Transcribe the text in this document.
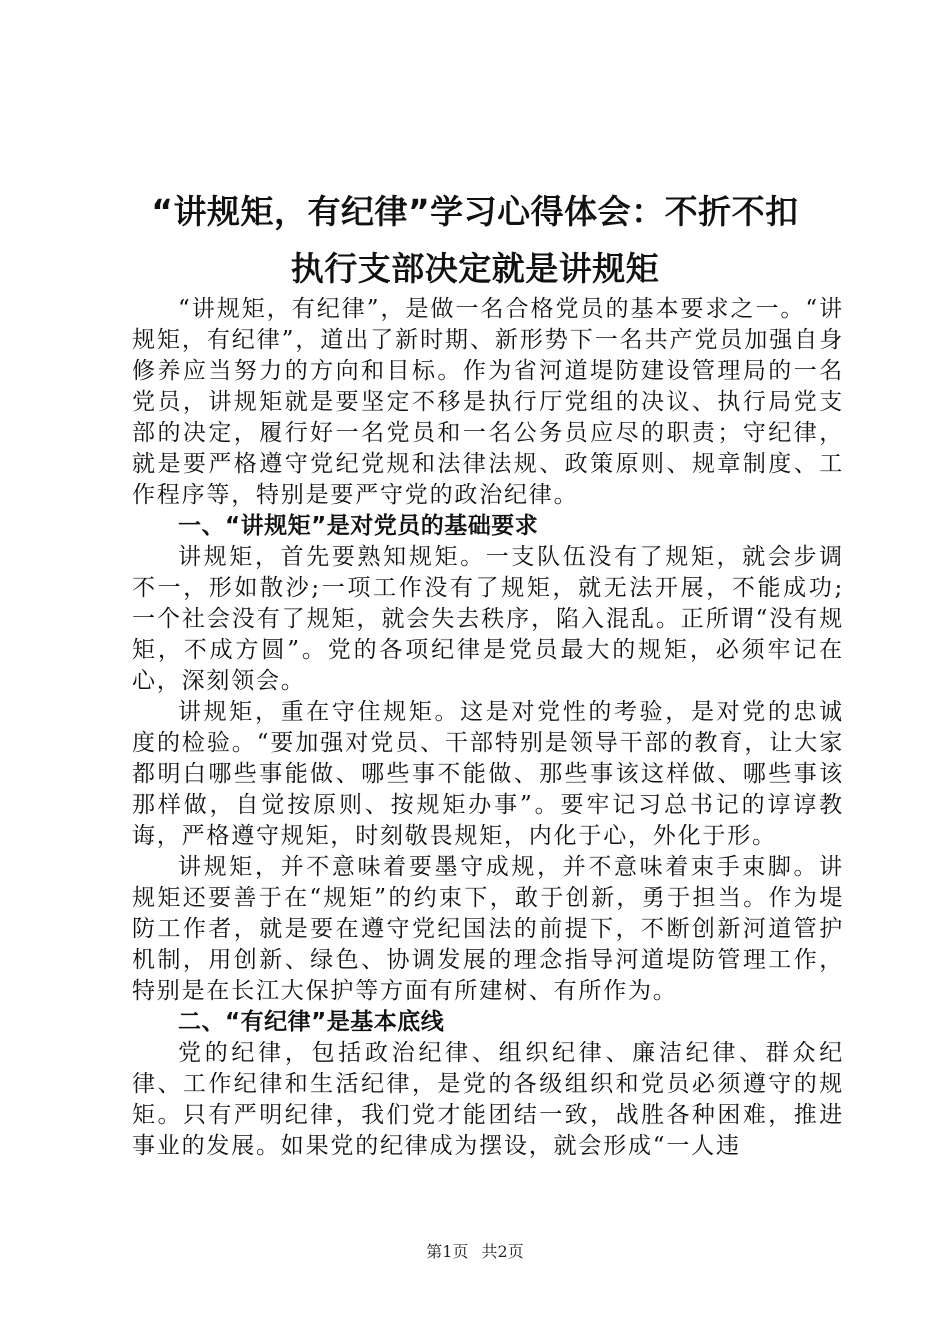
“讲规矩，有纪律”学习心得体会：不折不扣
执行支部决定就是讲规矩

“讲规矩，有纪律”，是做一名合格党员的基本要求之一。“讲规矩，有纪律”，道出了新时期、新形势下一名共产党员加强自身修养应当努力的方向和目标。作为省河道堤防建设管理局的一名党员，讲规矩就是要坚定不移是执行厅党组的决议、执行局党支部的决定，履行好一名党员和一名公务员应尽的职责；守纪律，就是要严格遵守党纪党规和法律法规、政策原则、规章制度、工作程序等，特别是要严守党的政治纪律。

一、“讲规矩”是对党员的基础要求

讲规矩，首先要熟知规矩。一支队伍没有了规矩，就会步调不一，形如散沙;一项工作没有了规矩，就无法开展，不能成功;一个社会没有了规矩，就会失去秩序，陷入混乱。正所谓“没有规矩，不成方圆”。党的各项纪律是党员最大的规矩，必须牢记在心，深刻领会。

讲规矩，重在守住规矩。这是对党性的考验，是对党的忠诚度的检验。“要加强对党员、干部特别是领导干部的教育，让大家都明白哪些事能做、哪些事不能做、那些事该这样做、哪些事该那样做，自觉按原则、按规矩办事”。要牢记习总书记的谆谆教诲，严格遵守规矩，时刻敬畏规矩，内化于心，外化于形。

讲规矩，并不意味着要墨守成规，并不意味着束手束脚。讲规矩还要善于在“规矩”的约束下，敢于创新，勇于担当。作为堤防工作者，就是要在遵守党纪国法的前提下，不断创新河道管护机制，用创新、绿色、协调发展的理念指导河道堤防管理工作，特别是在长江大保护等方面有所建树、有所作为。

二、“有纪律”是基本底线

党的纪律，包括政治纪律、组织纪律、廉洁纪律、群众纪律、工作纪律和生活纪律，是党的各级组织和党员必须遵守的规矩。只有严明纪律，我们党才能团结一致，战胜各种困难，推进事业的发展。如果党的纪律成为摆设，就会形成“一人违

第1页 共2页
